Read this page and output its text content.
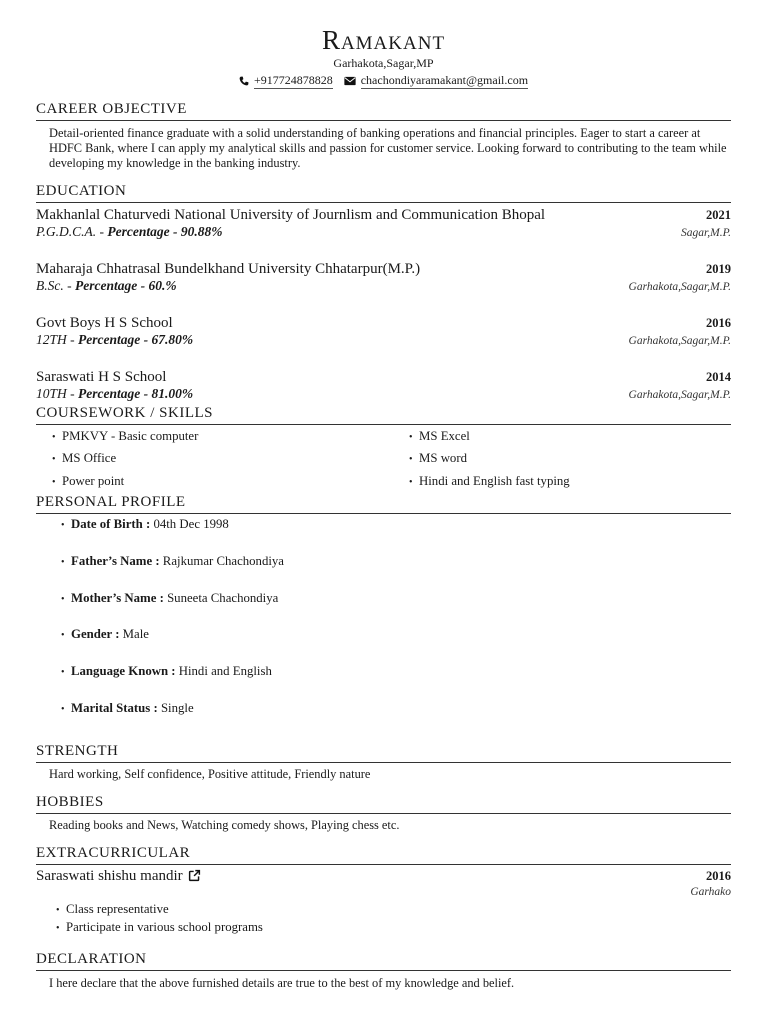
Ramakant
Garhakota,Sagar,MP
+917724878828
chachondiyaramakant@gmail.com
CAREER OBJECTIVE
Detail-oriented finance graduate with a solid understanding of banking operations and financial principles. Eager to start a career at HDFC Bank, where I can apply my analytical skills and passion for customer service. Looking forward to contributing to the team while developing my knowledge in the banking industry.
EDUCATION
Makhanlal Chaturvedi National University of Journlism and Communication Bhopal	2021
P.G.D.C.A. - Percentage - 90.88%	Sagar,M.P.
Maharaja Chhatrasal Bundelkhand University Chhatarpur(M.P.)	2019
B.Sc. - Percentage - 60.%	Garhakota,Sagar,M.P.
Govt Boys H S School	2016
12TH - Percentage - 67.80%	Garhakota,Sagar,M.P.
Saraswati H S School	2014
10TH - Percentage - 81.00%	Garhakota,Sagar,M.P.
COURSEWORK / SKILLS
• PMKVY - Basic computer
• MS Office
• Power point
• MS Excel
• MS word
• Hindi and English fast typing
PERSONAL PROFILE
• Date of Birth : 04th Dec 1998
• Father’s Name : Rajkumar Chachondiya
• Mother’s Name : Suneeta Chachondiya
• Gender : Male
• Language Known : Hindi and English
• Marital Status : Single
STRENGTH
Hard working, Self confidence, Positive attitude, Friendly nature
HOBBIES
Reading books and News, Watching comedy shows, Playing chess etc.
EXTRACURRICULAR
Saraswati shishu mandir	2016
Garhako
• Class representative
• Participate in various school programs
DECLARATION
I here declare that the above furnished details are true to the best of my knowledge and belief.
